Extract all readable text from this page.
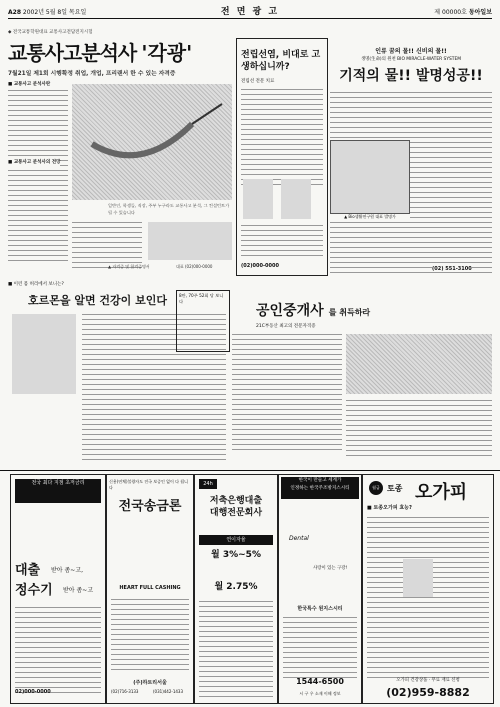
A28 2002년 5월 8일 목요일	전 면 광 고	제 00000호 동아일보
◆ 전국교통학원대표 교통사고전담전지시험
교통사고분석사 '각광'
7월21일 제1회 시행확정 취업, 개업, 프리랜서 한 수 있는 자격증
■ 교통사고 분석사란
■ 교통사고 분석사의 전망
일반인, 학생들, 직장, 주부 누구라도 교통사고 분석, 그 컨설턴트가 될 수 있습니다
▲ 자격증 및 합격증명서	대표 (02)000-0000
전립선염, 비대로 고생하십니까?
전립선 전문 치료
(02)000-0000
인류 꿈의 물!! 신비의 물!!
생명(生命)의 원천 BIO MIRACLE-WATER SYSTEM
기적의 물!! 발명성공!!
▲ Bio생활연구원 대표 발명가
(02) 551-3100
■ 이런 몸 허리에서 보니는?
호르몬을 알면 건강이 보인다	8만, 70주 52회 당 보니다
공인중개사 를 취득하라
21C부동산 최고의 전문자격증
전국 최다 지점 초저금리
대출 받아 좀~고,
정수기 받아 좀~고
02)000-0000
신용(연체)불량자도 전국 보증인 없이 다 됩니다
전국송금론
HEART FULL CASHING
(주)하트리서울
(02)716-3133	(031)442-1433
24h
저축은행대출
대행전문회사
연이자율
월 3%~5%
월 2.75%
한국이 만들고 세계가
인정하는 한국주조방지스시티
Dental
사랑이 있는 구강!
한국특수 원지스시티
1544-6500
시 구 우 소재 이해 정보
월급 토종 오가피
■ 토종오가피 효능?
오가피 건강상품 · 무료 재료 신청
(02)959-8882
